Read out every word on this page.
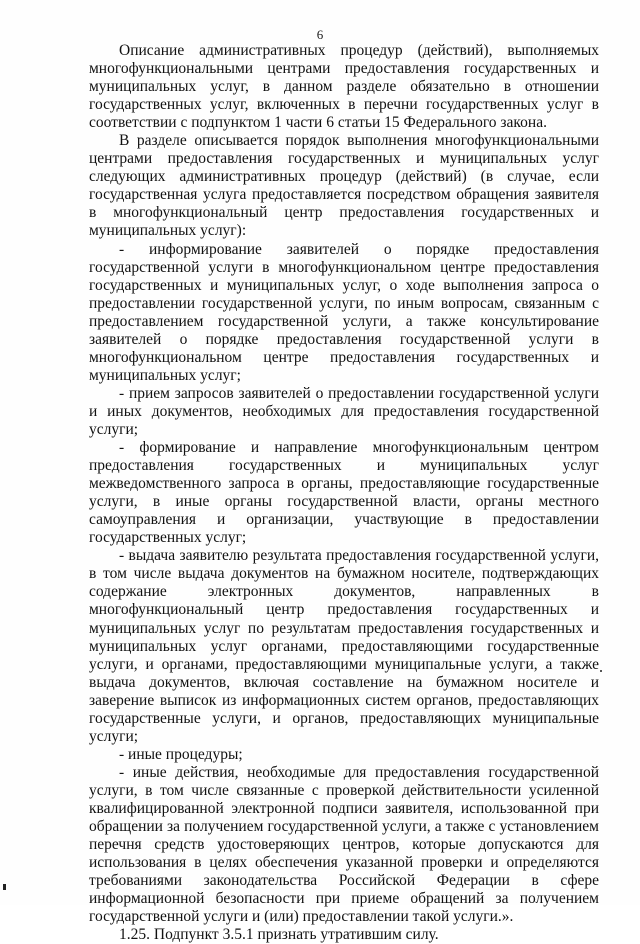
6

Описание административных процедур (действий), выполняемых многофункциональными центрами предоставления государственных и муниципальных услуг, в данном разделе обязательно в отношении государственных услуг, включенных в перечни государственных услуг в соответствии с подпунктом 1 части 6 статьи 15 Федерального закона.

В разделе описывается порядок выполнения многофункциональными центрами предоставления государственных и муниципальных услуг следующих административных процедур (действий) (в случае, если государственная услуга предоставляется посредством обращения заявителя в многофункциональный центр предоставления государственных и муниципальных услуг):

- информирование заявителей о порядке предоставления государственной услуги в многофункциональном центре предоставления государственных и муниципальных услуг, о ходе выполнения запроса о предоставлении государственной услуги, по иным вопросам, связанным с предоставлением государственной услуги, а также консультирование заявителей о порядке предоставления государственной услуги в многофункциональном центре предоставления государственных и муниципальных услуг;

- прием запросов заявителей о предоставлении государственной услуги и иных документов, необходимых для предоставления государственной услуги;

- формирование и направление многофункциональным центром предоставления государственных и муниципальных услуг межведомственного запроса в органы, предоставляющие государственные услуги, в иные органы государственной власти, органы местного самоуправления и организации, участвующие в предоставлении государственных услуг;

- выдача заявителю результата предоставления государственной услуги, в том числе выдача документов на бумажном носителе, подтверждающих содержание электронных документов, направленных в многофункциональный центр предоставления государственных и муниципальных услуг по результатам предоставления государственных и муниципальных услуг органами, предоставляющими государственные услуги, и органами, предоставляющими муниципальные услуги, а также выдача документов, включая составление на бумажном носителе и заверение выписок из информационных систем органов, предоставляющих государственные услуги, и органов, предоставляющих муниципальные услуги;

- иные процедуры;

- иные действия, необходимые для предоставления государственной услуги, в том числе связанные с проверкой действительности усиленной квалифицированной электронной подписи заявителя, использованной при обращении за получением государственной услуги, а также с установлением перечня средств удостоверяющих центров, которые допускаются для использования в целях обеспечения указанной проверки и определяются требованиями законодательства Российской Федерации в сфере информационной безопасности при приеме обращений за получением государственной услуги и (или) предоставлении такой услуги.».

1.25. Подпункт 3.5.1 признать утратившим силу.
